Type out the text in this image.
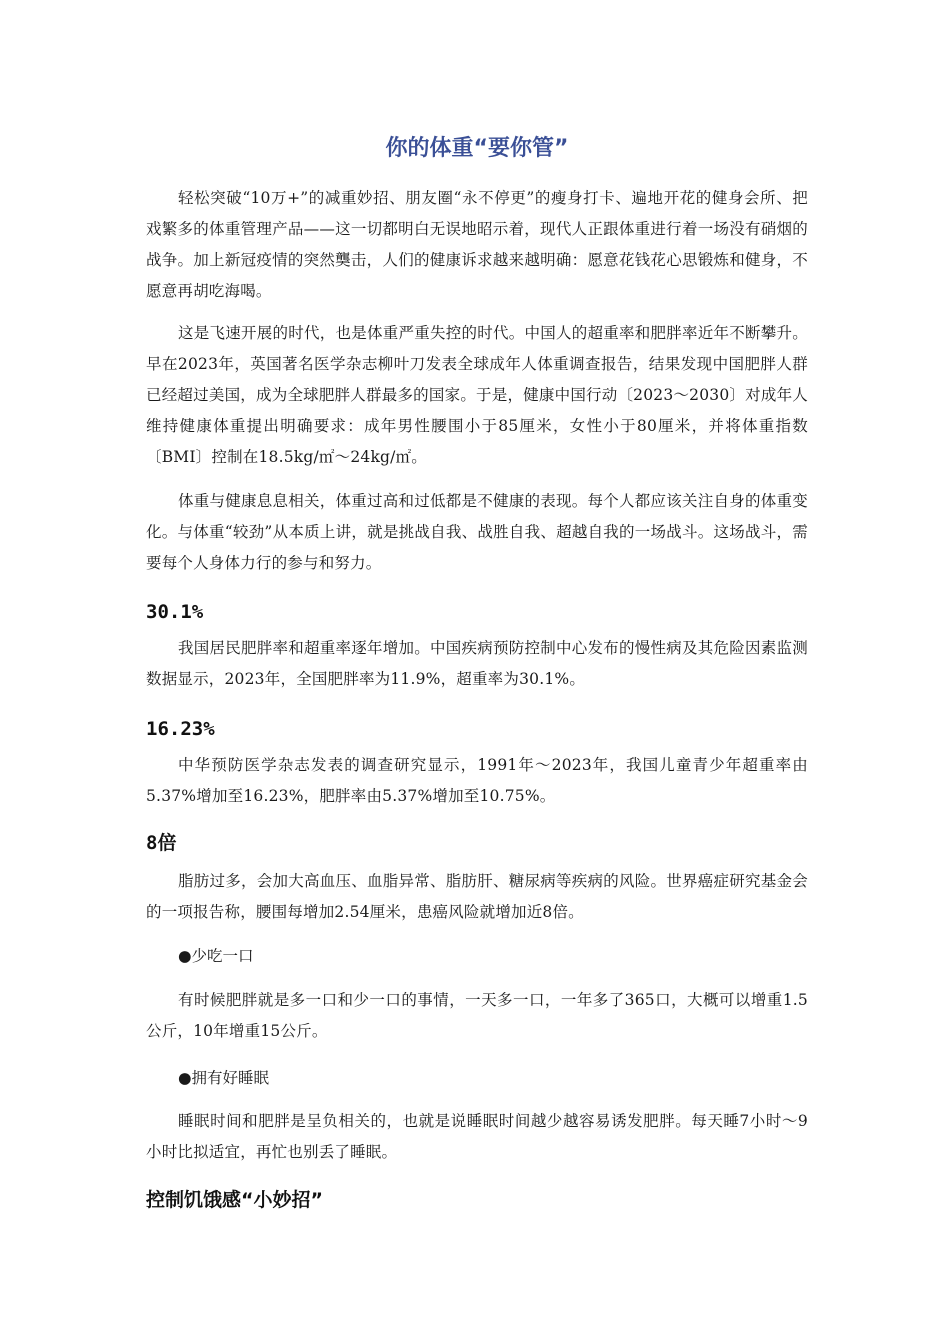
你的体重“要你管”

轻松突破“10万+”的减重妙招、朋友圈“永不停更”的瘦身打卡、遍地开花的健身会所、把戏繁多的体重管理产品——这一切都明白无误地昭示着，现代人正跟体重进行着一场没有硝烟的战争。加上新冠疫情的突然龑击，人们的健康诉求越来越明确：愿意花钱花心思锻炼和健身，不愿意再胡吃海喝。

这是飞速开展的时代，也是体重严重失控的时代。中国人的超重率和肥胖率近年不断攀升。早在2023年，英国著名医学杂志柳叶刀发表全球成年人体重调查报告，结果发现中国肥胖人群已经超过美国，成为全球肥胖人群最多的国家。于是，健康中国行动〔2023～2030〕对成年人维持健康体重提出明确要求：成年男性腰围小于85厘米，女性小于80厘米，并将体重指数〔BMI〕控制在18.5kg/㎡～24kg/㎡。

体重与健康息息相关，体重过高和过低都是不健康的表现。每个人都应该关注自身的体重变化。与体重“较劲”从本质上讲，就是挑战自我、战胜自我、超越自我的一场战斗。这场战斗，需要每个人身体力行的参与和努力。

30.1%

我国居民肥胖率和超重率逐年增加。中国疾病预防控制中心发布的慢性病及其危险因素监测数据显示，2023年，全国肥胖率为11.9%，超重率为30.1%。

16.23%

中华预防医学杂志发表的调查研究显示，1991年～2023年，我国儿童青少年超重率由5.37%增加至16.23%，肥胖率由5.37%增加至10.75%。

8倍

脂肪过多，会加大高血压、血脂异常、脂肪肝、糖尿病等疾病的风险。世界癌症研究基金会的一项报告称，腰围每增加2.54厘米，患癌风险就增加近8倍。

●少吃一口

有时候肥胖就是多一口和少一口的事情，一天多一口，一年多了365口，大概可以增重1.5公斤，10年增重15公斤。

●拥有好睡眠

睡眠时间和肥胖是呈负相关的，也就是说睡眠时间越少越容易诱发肥胖。每天睡7小时～9小时比拟适宜，再忙也别丢了睡眠。

控制饥饿感“小妙招”
